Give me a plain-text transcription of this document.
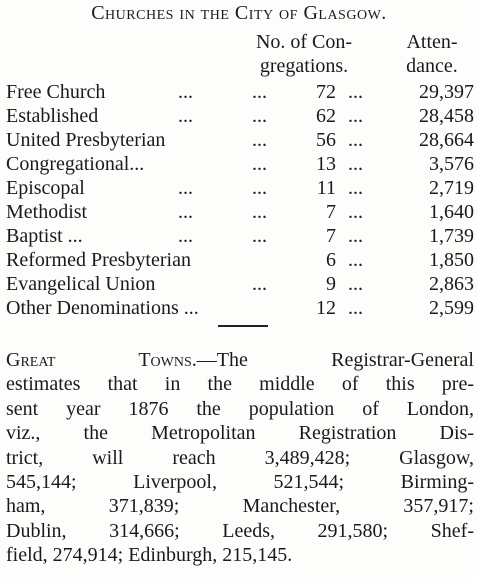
Churches in the City of Glasgow.
No. of Con-
gregations.
Atten-
dance.
Free Church	...	...	72 ...	29,397
Established	...	...	62 ...	28,458
United Presbyterian	...	56 ...	28,664
Congregational...	...	13 ...	3,576
Episcopal	...	...	11 ...	2,719
Methodist	...	...	7 ...	1,640
Baptist ...	...	...	7 ...	1,739
Reformed Presbyterian	6 ...	1,850
Evangelical Union	...	9 ...	2,863
Other Denominations ...	12 ...	2,599
Great Towns.—The Registrar-General
estimates that in the middle of this pre-
sent year 1876 the population of London,
viz., the Metropolitan Registration Dis-
trict, will reach 3,489,428; Glasgow,
545,144; Liverpool, 521,544; Birming-
ham, 371,839; Manchester, 357,917;
Dublin, 314,666; Leeds, 291,580; Shef-
field, 274,914; Edinburgh, 215,145.
